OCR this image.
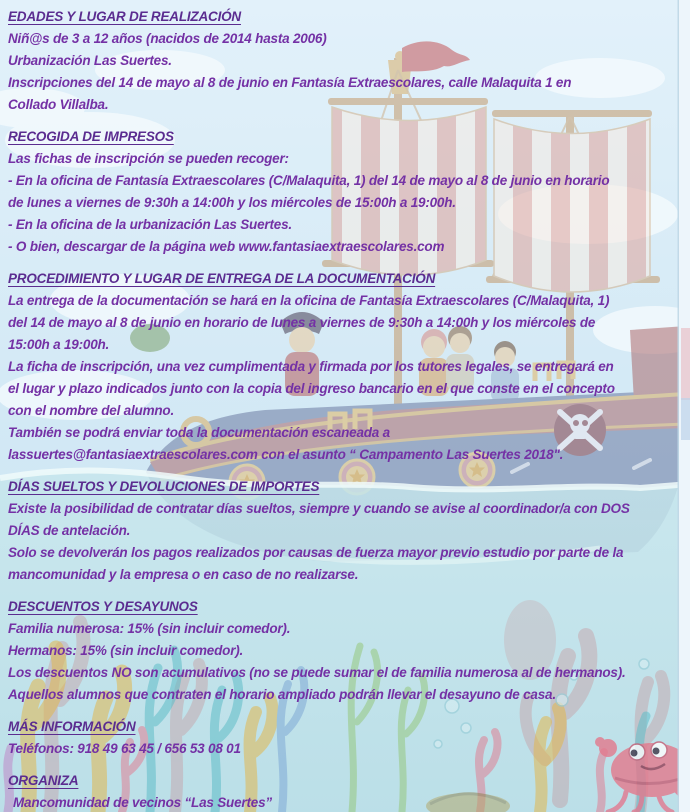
EDADES Y LUGAR DE REALIZACIÓN
Niñ@s de 3 a 12 años (nacidos de 2014 hasta 2006)
Urbanización Las Suertes.
Inscripciones del 14 de mayo al 8 de junio en Fantasía Extraescolares, calle Malaquita 1 en
Collado Villalba.
RECOGIDA DE IMPRESOS
Las fichas de inscripción se pueden recoger:
- En la oficina de Fantasía Extraescolares (C/Malaquita, 1) del 14 de mayo al 8 de junio en horario
de lunes a viernes de 9:30h a 14:00h y los miércoles de 15:00h a 19:00h.
- En la oficina de la urbanización Las Suertes.
- O bien, descargar de la página web www.fantasiaextraescolares.com
PROCEDIMIENTO Y LUGAR DE ENTREGA DE LA DOCUMENTACIÓN
La entrega de la documentación se hará en la oficina de Fantasía Extraescolares (C/Malaquita, 1)
del 14 de mayo al 8 de junio en horario de lunes a viernes de 9:30h a 14:00h y los miércoles de
15:00h a 19:00h.
La ficha de inscripción, una vez cumplimentada y firmada por los tutores legales, se entregará en
el lugar y plazo indicados junto con la copia del ingreso bancario en el que conste en el concepto
con el nombre del alumno.
También se podrá enviar toda la documentación escaneada a
lassuertes@fantasiaextraescolares.com con el asunto “ Campamento Las Suertes 2018".
DÍAS SUELTOS Y DEVOLUCIONES DE IMPORTES
Existe la posibilidad de contratar días sueltos, siempre y cuando se avise al coordinador/a con DOS
DÍAS de antelación.
Solo se devolverán los pagos realizados por causas de fuerza mayor previo estudio por parte de la
mancomunidad y la empresa o en caso de no realizarse.
DESCUENTOS Y DESAYUNOS
Familia numerosa: 15% (sin incluir comedor).
Hermanos: 15% (sin incluir comedor).
Los descuentos NO son acumulativos (no se puede sumar el de familia numerosa al de hermanos).
Aquellos alumnos que contraten el horario ampliado podrán llevar el desayuno de casa.
MÁS INFORMACIÓN
Teléfonos: 918 49 63 45 / 656 53 08 01
ORGANIZA
Mancomunidad de vecinos “Las Suertes”
